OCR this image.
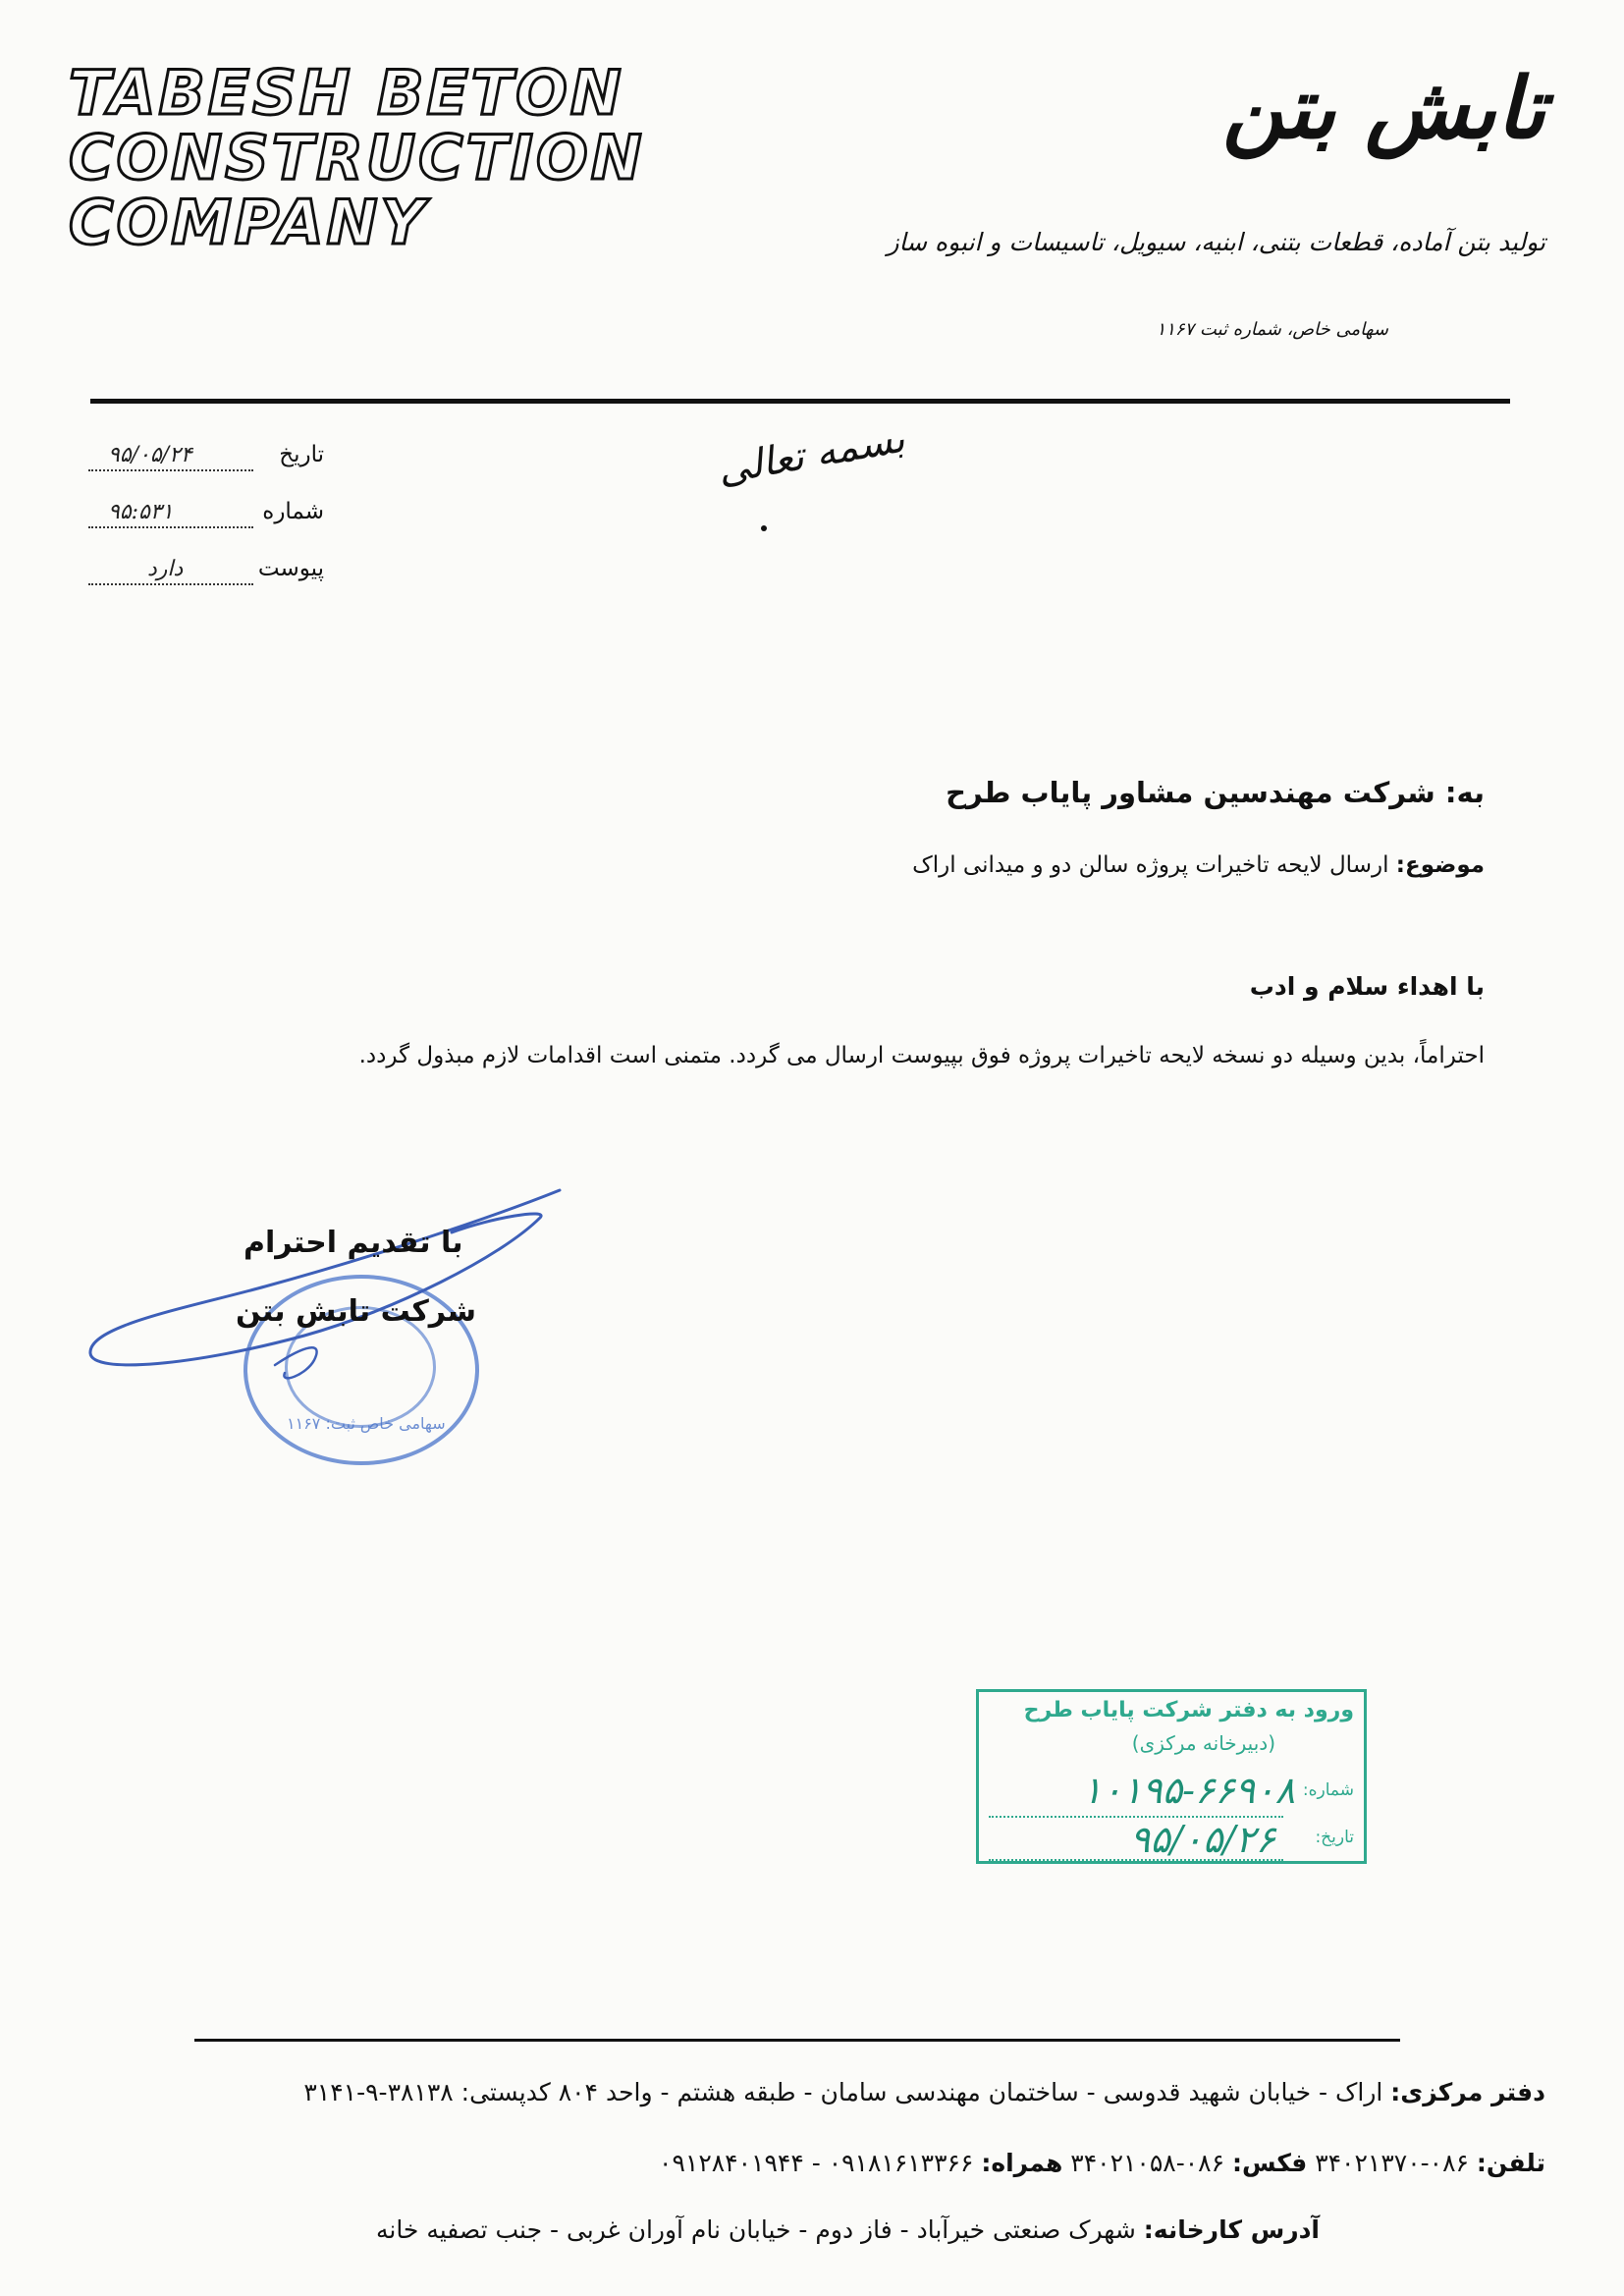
TABESH BETON
CONSTRUCTION
COMPANY
تابش بتن
تولید بتن آماده، قطعات بتنی، ابنیه، سیویل، تاسیسات و انبوه ساز
سهامی خاص، شماره ثبت ۱۱۶۷
بسمه تعالی
تاریخ
۹۵/۰۵/۲۴
شماره
۹۵:۵۳۱
پیوست
دارد
به: شرکت مهندسین مشاور پایاب طرح
موضوع: ارسال لایحه تاخیرات پروژه سالن دو و میدانی اراک
با اهداء سلام و ادب
احتراماً، بدین وسیله دو نسخه لایحه تاخیرات پروژه فوق بپیوست ارسال می گردد. متمنی است اقدامات لازم مبذول گردد.
سهامی خاص ثبت: ۱۱۶۷
با تقدیم احترام
شرکت تابش بتن
ورود به دفتر شرکت پایاب طرح
(دبیرخانه مرکزی)
شماره:
۱۰۱۹۵-۶۶۹۰۸
تاریخ:
۹۵/۰۵/۲۶
دفتر مرکزی: اراک - خیابان شهید قدوسی - ساختمان مهندسی سامان - طبقه هشتم - واحد ۸۰۴ کدپستی: ۳۸۱۳۸-۹-۳۱۴۱
تلفن: ۰۸۶-۳۴۰۲۱۳۷۰ فکس: ۰۸۶-۳۴۰۲۱۰۵۸ همراه: ۰۹۱۸۱۶۱۳۳۶۶ - ۰۹۱۲۸۴۰۱۹۴۴
آدرس کارخانه: شهرک صنعتی خیرآباد - فاز دوم - خیابان نام آوران غربی - جنب تصفیه خانه
